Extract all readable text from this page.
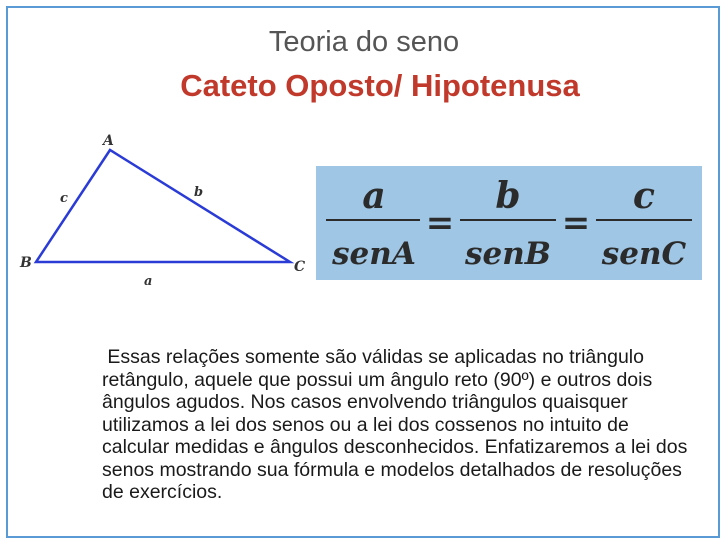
Teoria do seno
Cateto Oposto/ Hipotenusa
A
B	C
c	b
a
a
senA
=
b
senB
=
c
senC
Essas relações somente são válidas se aplicadas no triângulo retângulo, aquele que possui um ângulo reto (90º) e outros dois ângulos agudos. Nos casos envolvendo triângulos quaisquer utilizamos a lei dos senos ou a lei dos cossenos no intuito de calcular medidas e ângulos desconhecidos. Enfatizaremos a lei dos senos mostrando sua fórmula e modelos detalhados de resoluções de exercícios.
